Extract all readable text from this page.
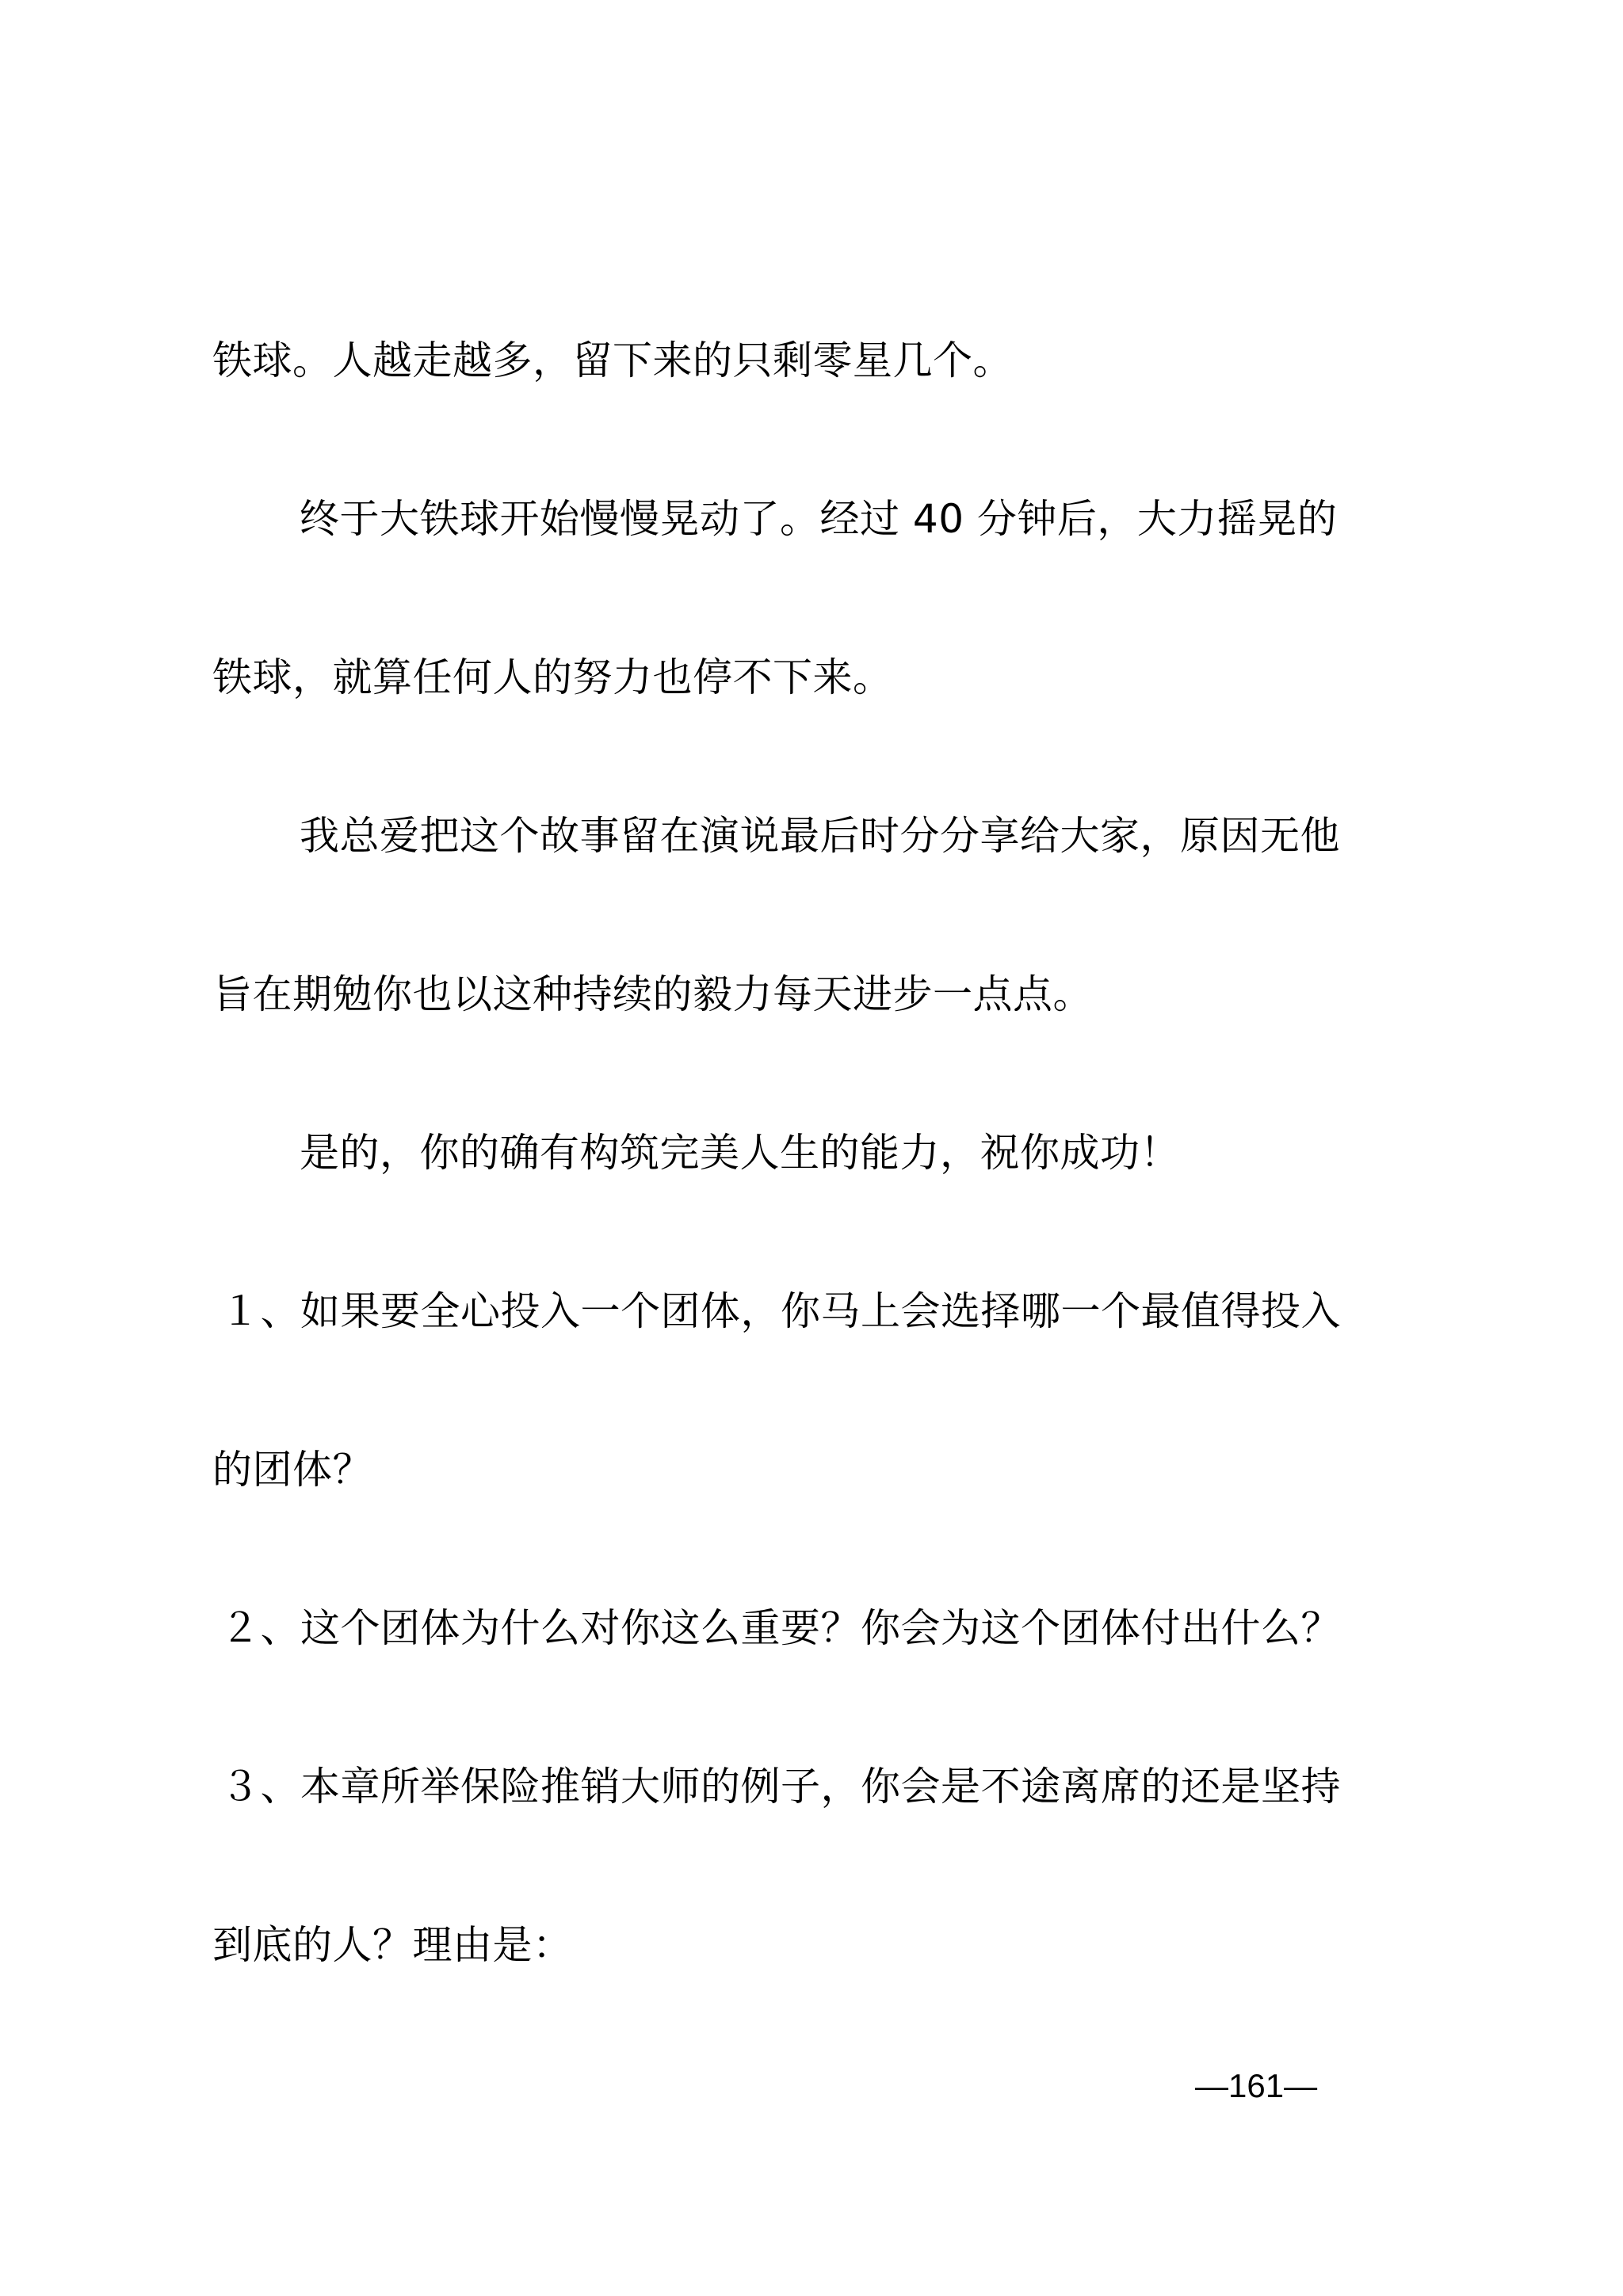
铁球。人越走越多，留下来的只剩零星几个。
终于大铁球开始慢慢晃动了。经过 40 分钟后，大力摇晃的
铁球，就算任何人的努力也停不下来。
我总爱把这个故事留在演说最后时分分享给大家，原因无他
旨在期勉你也以这种持续的毅力每天进步一点点。
是的，你的确有构筑完美人生的能力，祝你成功！
１、如果要全心投入一个团体，你马上会选择哪一个最值得投入
的团体？
２、这个团体为什么对你这么重要？你会为这个团体付出什么？
３、本章所举保险推销大师的例子，你会是不途离席的还是坚持
到底的人？理由是：
—161—
